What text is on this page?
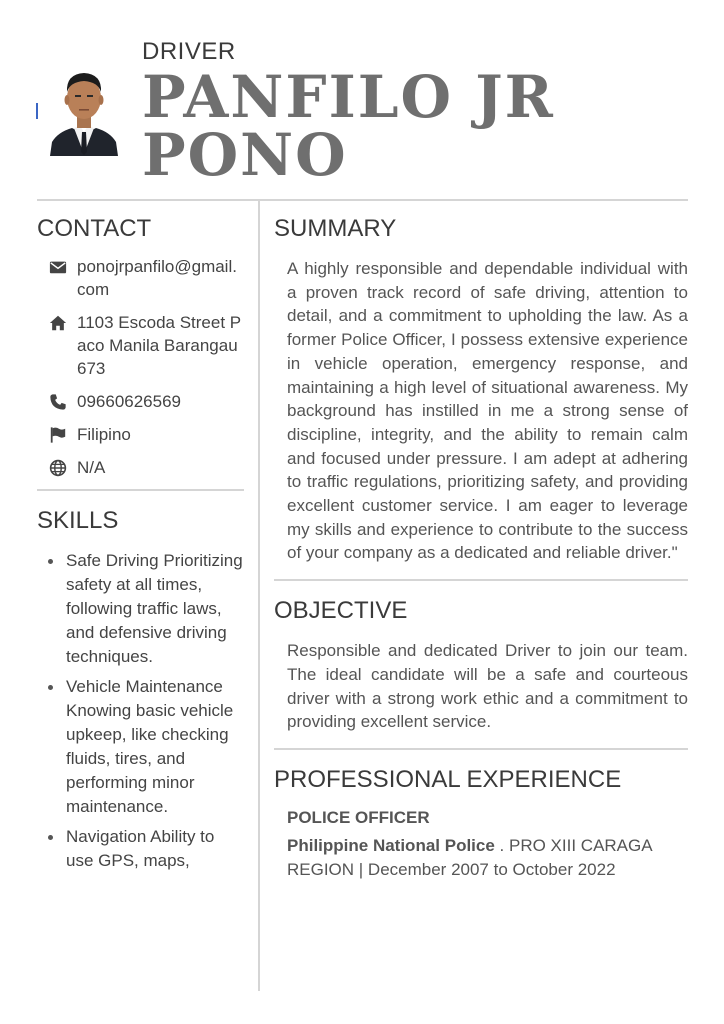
DRIVER
PANFILO JR
PONO
CONTACT
ponojrpanfilo@gmail.com
1103 Escoda Street Paco Manila Barangau 673
09660626569
Filipino
N/A
SKILLS
Safe Driving Prioritizing safety at all times, following traffic laws, and defensive driving techniques.
Vehicle Maintenance Knowing basic vehicle upkeep, like checking fluids, tires, and performing minor maintenance.
Navigation Ability to use GPS, maps,
SUMMARY

A highly responsible and dependable individual with a proven track record of safe driving, attention to detail, and a commitment to upholding the law. As a former Police Officer, I possess extensive experience in vehicle operation, emergency response, and maintaining a high level of situational awareness. My background has instilled in me a strong sense of discipline, integrity, and the ability to remain calm and focused under pressure. I am adept at adhering to traffic regulations, prioritizing safety, and providing excellent customer service. I am eager to leverage my skills and experience to contribute to the success of your company as a dedicated and reliable driver."

OBJECTIVE

Responsible and dedicated Driver to join our team. The ideal candidate will be a safe and courteous driver with a strong work ethic and a commitment to providing excellent service.

PROFESSIONAL EXPERIENCE
POLICE OFFICER
Philippine National Police . PRO XIII CARAGA REGION | December 2007 to October 2022
